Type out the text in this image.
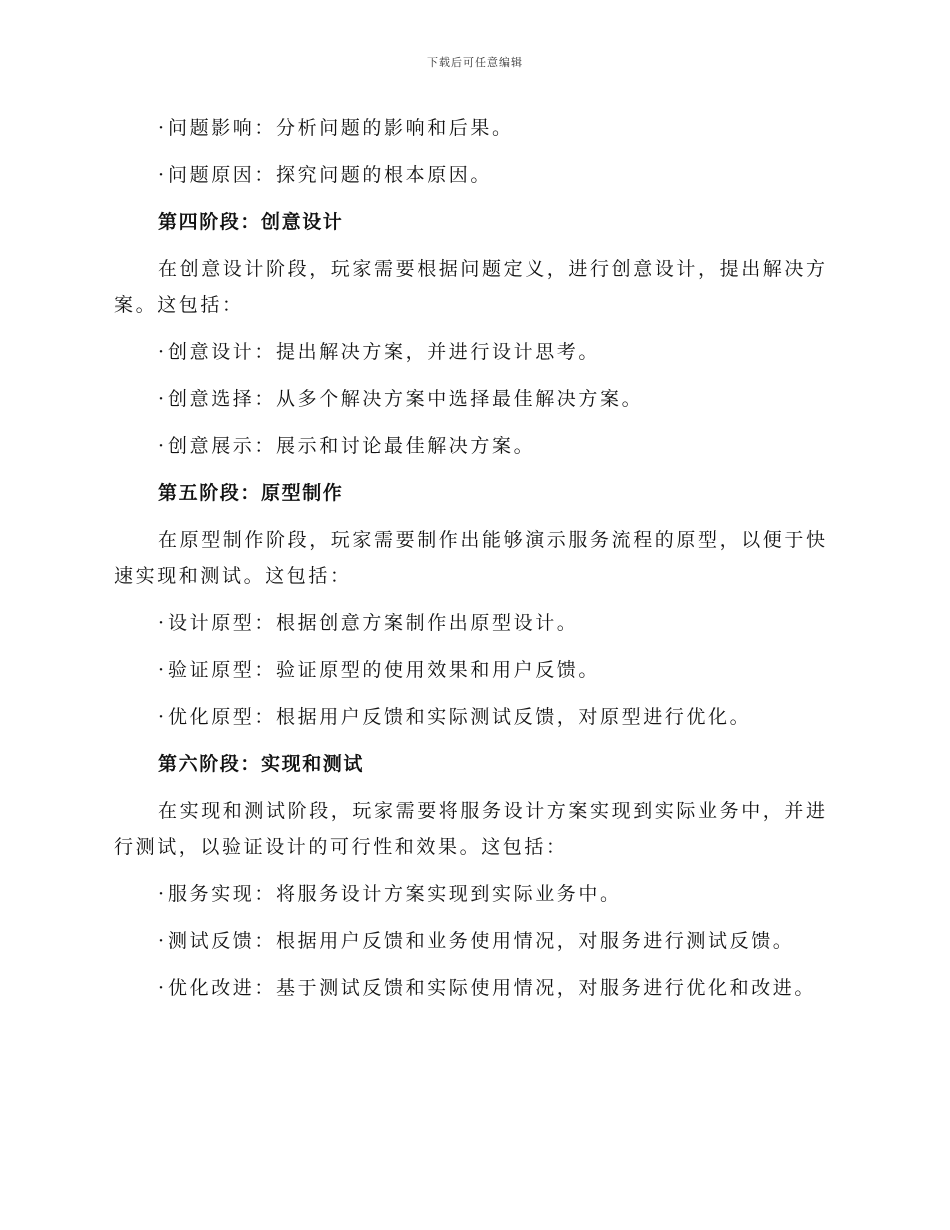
下载后可任意编辑
· 问题影响：分析问题的影响和后果。
· 问题原因：探究问题的根本原因。
第四阶段：创意设计
在创意设计阶段，玩家需要根据问题定义，进行创意设计，提出解决方案。这包括：
· 创意设计：提出解决方案，并进行设计思考。
· 创意选择：从多个解决方案中选择最佳解决方案。
· 创意展示：展示和讨论最佳解决方案。
第五阶段：原型制作
在原型制作阶段，玩家需要制作出能够演示服务流程的原型，以便于快速实现和测试。这包括：
· 设计原型：根据创意方案制作出原型设计。
· 验证原型：验证原型的使用效果和用户反馈。
· 优化原型：根据用户反馈和实际测试反馈，对原型进行优化。
第六阶段：实现和测试
在实现和测试阶段，玩家需要将服务设计方案实现到实际业务中，并进行测试，以验证设计的可行性和效果。这包括：
· 服务实现：将服务设计方案实现到实际业务中。
· 测试反馈：根据用户反馈和业务使用情况，对服务进行测试反馈。
· 优化改进：基于测试反馈和实际使用情况，对服务进行优化和改进。
